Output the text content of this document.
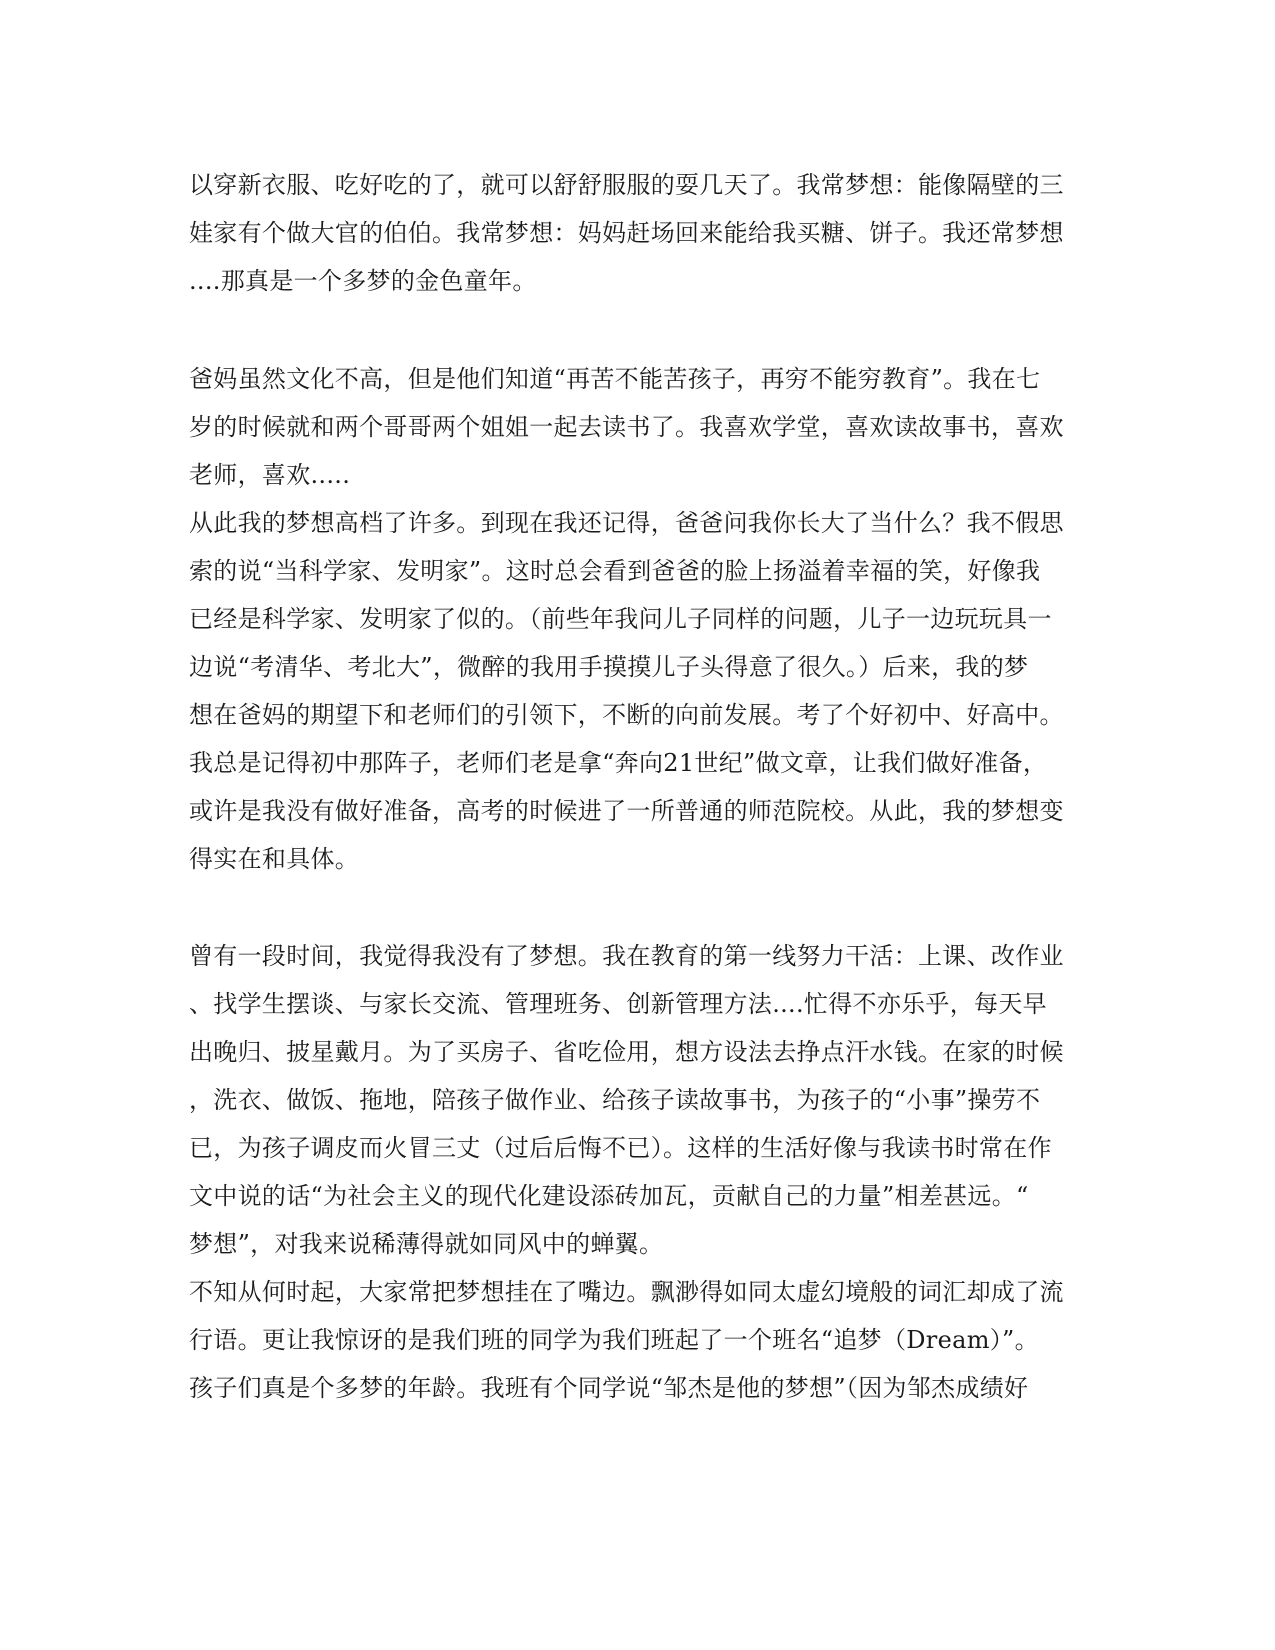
以穿新衣服、吃好吃的了，就可以舒舒服服的耍几天了。我常梦想：能像隔壁的三
娃家有个做大官的伯伯。我常梦想：妈妈赶场回来能给我买糖、饼子。我还常梦想
....那真是一个多梦的金色童年。
爸妈虽然文化不高，但是他们知道“再苦不能苦孩子，再穷不能穷教育”。我在七
岁的时候就和两个哥哥两个姐姐一起去读书了。我喜欢学堂，喜欢读故事书，喜欢
老师，喜欢.....
从此我的梦想高档了许多。到现在我还记得，爸爸问我你长大了当什么？我不假思
索的说“当科学家、发明家”。这时总会看到爸爸的脸上扬溢着幸福的笑，好像我
已经是科学家、发明家了似的。（前些年我问儿子同样的问题，儿子一边玩玩具一
边说“考清华、考北大”，微醉的我用手摸摸儿子头得意了很久。）后来，我的梦
想在爸妈的期望下和老师们的引领下，不断的向前发展。考了个好初中、好高中。
我总是记得初中那阵子，老师们老是拿“奔向21世纪”做文章，让我们做好准备，
或许是我没有做好准备，高考的时候进了一所普通的师范院校。从此，我的梦想变
得实在和具体。
曾有一段时间，我觉得我没有了梦想。我在教育的第一线努力干活：上课、改作业
、找学生摆谈、与家长交流、管理班务、创新管理方法....忙得不亦乐乎，每天早
出晚归、披星戴月。为了买房子、省吃俭用，想方设法去挣点汗水钱。在家的时候
，洗衣、做饭、拖地，陪孩子做作业、给孩子读故事书，为孩子的“小事”操劳不
已，为孩子调皮而火冒三丈（过后后悔不已）。这样的生活好像与我读书时常在作
文中说的话“为社会主义的现代化建设添砖加瓦，贡献自己的力量”相差甚远。“
梦想”，对我来说稀薄得就如同风中的蝉翼。
不知从何时起，大家常把梦想挂在了嘴边。飘渺得如同太虚幻境般的词汇却成了流
行语。更让我惊讶的是我们班的同学为我们班起了一个班名“追梦（Dream）”。
孩子们真是个多梦的年龄。我班有个同学说“邹杰是他的梦想”（因为邹杰成绩好
